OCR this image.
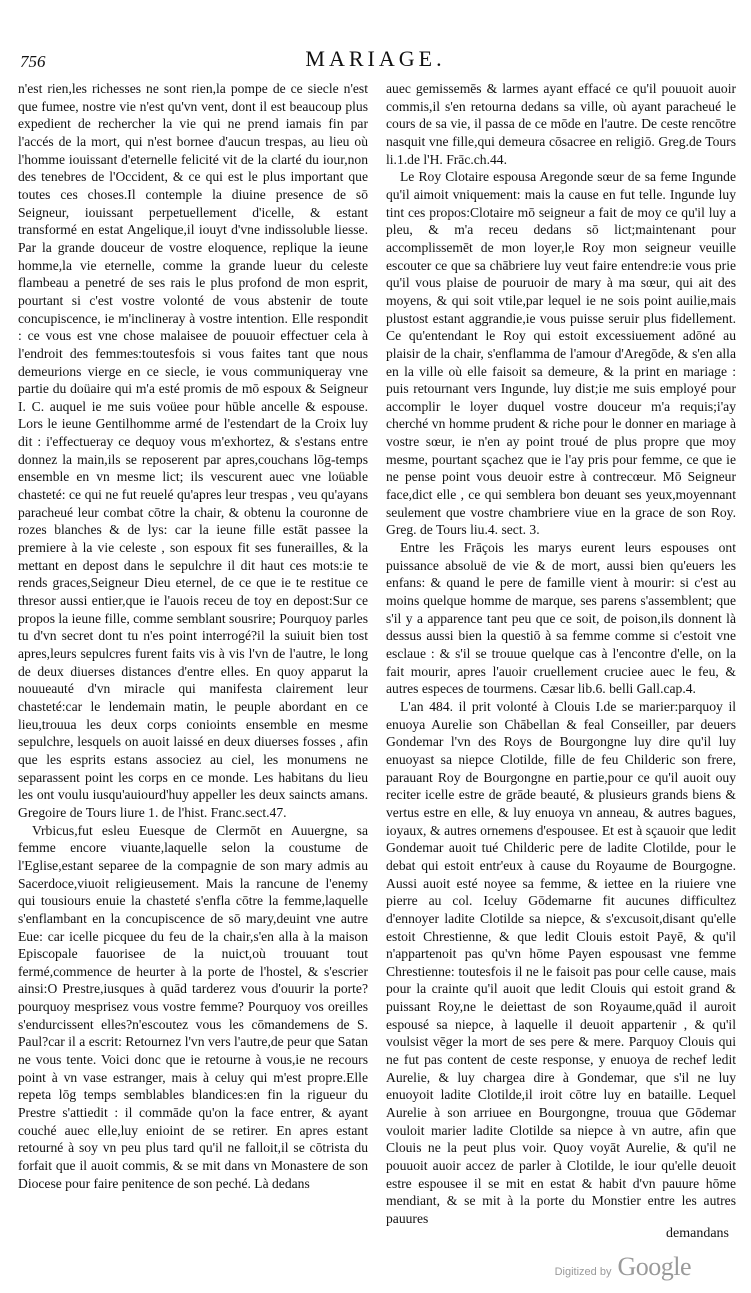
756	MARIAGE.

n'est rien,les richesses ne sont rien,la pompe de ce siecle n'est que fumee, nostre vie n'est qu'vn vent, dont il est beaucoup plus expedient de rechercher la vie qui ne prend iamais fin par l'accés de la mort, qui n'est bornee d'aucun trespas, au lieu où l'homme iouissant d'eternelle felicité vit de la clarté du iour,non des tenebres de l'Occident, & ce qui est le plus important que toutes ces choses.Il contemple la diuine presence de sō Seigneur, iouissant perpetuellement d'icelle, & estant transformé en estat Angelique,il iouyt d'vne indissoluble liesse. Par la grande douceur de vostre eloquence, replique la ieune homme,la vie eternelle, comme la grande lueur du celeste flambeau a penetré de ses rais le plus profond de mon esprit, pourtant si c'est vostre volonté de vous abstenir de toute concupiscence, ie m'inclineray à vostre intention. Elle respondit : ce vous est vne chose malaisee de pouuoir effectuer cela à l'endroit des femmes:toutesfois si vous faites tant que nous demeurions vierge en ce siecle, ie vous communiqueray vne partie du doüaire qui m'a esté promis de mō espoux & Seigneur I. C. auquel ie me suis voüee pour hūble ancelle & espouse. Lors le ieune Gentilhomme armé de l'estendart de la Croix luy dit : i'effectueray ce dequoy vous m'exhortez, & s'estans entre donnez la main,ils se reposerent par apres,couchans lōg-temps ensemble en vn mesme lict; ils vescurent auec vne loüable chasteté: ce qui ne fut reuelé qu'apres leur trespas , veu qu'ayans paracheué leur combat cōtre la chair, & obtenu la couronne de rozes blanches & de lys: car la ieune fille estāt passee la premiere à la vie celeste , son espoux fit ses funerailles, & la mettant en depost dans le sepulchre il dit haut ces mots:ie te rends graces,Seigneur Dieu eternel, de ce que ie te restitue ce thresor aussi entier,que ie l'auois receu de toy en depost:Sur ce propos la ieune fille, comme semblant sousrire; Pourquoy parles tu d'vn secret dont tu n'es point interrogé?il la suiuit bien tost apres,leurs sepulcres furent faits vis à vis l'vn de l'autre, le long de deux diuerses distances d'entre elles. En quoy apparut la nouueauté d'vn miracle qui manifesta clairement leur chasteté:car le lendemain matin, le peuple abordant en ce lieu,trouua les deux corps conioints ensemble en mesme sepulchre, lesquels on auoit laissé en deux diuerses fosses , afin que les esprits estans associez au ciel, les monumens ne separassent point les corps en ce monde. Les habitans du lieu les ont voulu iusqu'auiourd'huy appeller les deux saincts amans. Gregoire de Tours liure 1. de l'hist. Franc.sect.47.

Vrbicus,fut esleu Euesque de Clermōt en Auuergne, sa femme encore viuante,laquelle selon la coustume de l'Eglise,estant separee de la compagnie de son mary admis au Sacerdoce,viuoit religieusement. Mais la rancune de l'enemy qui tousiours enuie la chasteté s'enfla cōtre la femme,laquelle s'enflambant en la concupiscence de sō mary,deuint vne autre Eue: car icelle picquee du feu de la chair,s'en alla à la maison Episcopale fauorisee de la nuict,où trouuant tout fermé,commence de heurter à la porte de l'hostel, & s'escrier ainsi:O Prestre,iusques à quād tarderez vous d'ouurir la porte? pourquoy mesprisez vous vostre femme? Pourquoy vos oreilles s'endurcissent elles?n'escoutez vous les cōmandemens de S. Paul?car il a escrit: Retournez l'vn vers l'autre,de peur que Satan ne vous tente. Voici donc que ie retourne à vous,ie ne recours point à vn vase estranger, mais à celuy qui m'est propre.Elle repeta lōg temps semblables blandices:en fin la rigueur du Prestre s'attiedit : il commāde qu'on la face entrer, & ayant couché auec elle,luy enioint de se retirer. En apres estant retourné à soy vn peu plus tard qu'il ne falloit,il se cōtrista du forfait que il auoit commis, & se mit dans vn Monastere de son Diocese pour faire penitence de son peché. Là dedans

auec gemissemēs & larmes ayant effacé ce qu'il pouuoit auoir commis,il s'en retourna dedans sa ville, où ayant paracheué le cours de sa vie, il passa de ce mōde en l'autre. De ceste rencōtre nasquit vne fille,qui demeura cōsacree en religiō. Greg.de Tours li.1.de l'H. Frāc.ch.44.

Le Roy Clotaire espousa Aregonde sœur de sa feme Ingunde qu'il aimoit vniquement: mais la cause en fut telle. Ingunde luy tint ces propos:Clotaire mō seigneur a fait de moy ce qu'il luy a pleu, & m'a receu dedans sō lict;maintenant pour accomplissemēt de mon loyer,le Roy mon seigneur veuille escouter ce que sa chābriere luy veut faire entendre:ie vous prie qu'il vous plaise de pouruoir de mary à ma sœur, qui ait des moyens, & qui soit vtile,par lequel ie ne sois point auilie,mais plustost estant aggrandie,ie vous puisse seruir plus fidellement. Ce qu'entendant le Roy qui estoit excessiuement adōné au plaisir de la chair, s'enflamma de l'amour d'Aregōde, & s'en alla en la ville où elle faisoit sa demeure, & la print en mariage : puis retournant vers Ingunde, luy dist;ie me suis employé pour accomplir le loyer duquel vostre douceur m'a requis;i'ay cherché vn homme prudent & riche pour le donner en mariage à vostre sœur, ie n'en ay point troué de plus propre que moy mesme, pourtant sçachez que ie l'ay pris pour femme, ce que ie ne pense point vous deuoir estre à contrecœur. Mō Seigneur face,dict elle , ce qui semblera bon deuant ses yeux,moyennant seulement que vostre chambriere viue en la grace de son Roy. Greg. de Tours liu.4. sect. 3.

Entre les Frāçois les marys eurent leurs espouses ont puissance absoluë de vie & de mort, aussi bien qu'euers les enfans: & quand le pere de famille vient à mourir: si c'est au moins quelque homme de marque, ses parens s'assemblent; que s'il y a apparence tant peu que ce soit, de poison,ils donnent là dessus aussi bien la questiō à sa femme comme si c'estoit vne esclaue : & s'il se trouue quelque cas à l'encontre d'elle, on la fait mourir, apres l'auoir cruellement cruciee auec le feu, & autres especes de tourmens. Cæsar lib.6. belli Gall.cap.4.

L'an 484. il prit volonté à Clouis I.de se marier:parquoy il enuoya Aurelie son Chābellan & feal Conseiller, par deuers Gondemar l'vn des Roys de Bourgongne luy dire qu'il luy enuoyast sa niepce Clotilde, fille de feu Childeric son frere, parauant Roy de Bourgongne en partie,pour ce qu'il auoit ouy reciter icelle estre de grāde beauté, & plusieurs grands biens & vertus estre en elle, & luy enuoya vn anneau, & autres bagues, ioyaux, & autres ornemens d'espousee. Et est à sçauoir que ledit Gondemar auoit tué Childeric pere de ladite Clotilde, pour le debat qui estoit entr'eux à cause du Royaume de Bourgogne. Aussi auoit esté noyee sa femme, & iettee en la riuiere vne pierre au col. Iceluy Gōdemarne fit aucunes difficultez d'ennoyer ladite Clotilde sa niepce, & s'excusoit,disant qu'elle estoit Chrestienne, & que ledit Clouis estoit Payē, & qu'il n'appartenoit pas qu'vn hōme Payen espousast vne femme Chrestienne: toutesfois il ne le faisoit pas pour celle cause, mais pour la crainte qu'il auoit que ledit Clouis qui estoit grand & puissant Roy,ne le deiettast de son Royaume,quād il auroit espousé sa niepce, à laquelle il deuoit appartenir , & qu'il voulsist vēger la mort de ses pere & mere. Parquoy Clouis qui ne fut pas content de ceste response, y enuoya de rechef ledit Aurelie, & luy chargea dire à Gondemar, que s'il ne luy enuoyoit ladite Clotilde,il iroit cōtre luy en bataille. Lequel Aurelie à son arriuee en Bourgongne, trouua que Gōdemar vouloit marier ladite Clotilde sa niepce à vn autre, afin que Clouis ne la peut plus voir. Quoy voyāt Aurelie, & qu'il ne pouuoit auoir accez de parler à Clotilde, le iour qu'elle deuoit estre espousee il se mit en estat & habit d'vn pauure hōme mendiant, & se mit à la porte du Monstier entre les autres pauures

demandans
Digitized by Google
